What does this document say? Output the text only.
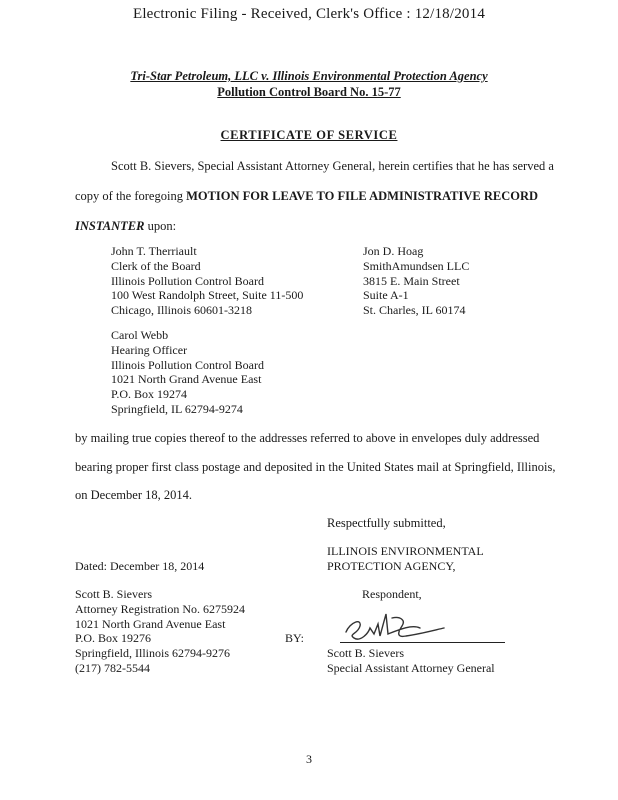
Electronic Filing - Received, Clerk's Office : 12/18/2014
Tri-Star Petroleum, LLC v. Illinois Environmental Protection Agency
Pollution Control Board No. 15-77
CERTIFICATE OF SERVICE
Scott B. Sievers, Special Assistant Attorney General, herein certifies that he has served a
copy of the foregoing MOTION FOR LEAVE TO FILE ADMINISTRATIVE RECORD
INSTANTER upon:
John T. Therriault
Clerk of the Board
Illinois Pollution Control Board
100 West Randolph Street, Suite 11-500
Chicago, Illinois 60601-3218
Jon D. Hoag
SmithAmundsen LLC
3815 E. Main Street
Suite A-1
St. Charles, IL 60174
Carol Webb
Hearing Officer
Illinois Pollution Control Board
1021 North Grand Avenue East
P.O. Box 19274
Springfield, IL 62794-9274
by mailing true copies thereof to the addresses referred to above in envelopes duly addressed
bearing proper first class postage and deposited in the United States mail at Springfield, Illinois,
on December 18, 2014.
Respectfully submitted,
ILLINOIS ENVIRONMENTAL
PROTECTION AGENCY,
Dated: December 18, 2014
Respondent,
Scott B. Sievers
Attorney Registration No. 6275924
1021 North Grand Avenue East
P.O. Box 19276
Springfield, Illinois 62794-9276
(217) 782-5544
BY:
Scott B. Sievers
Special Assistant Attorney General
3
